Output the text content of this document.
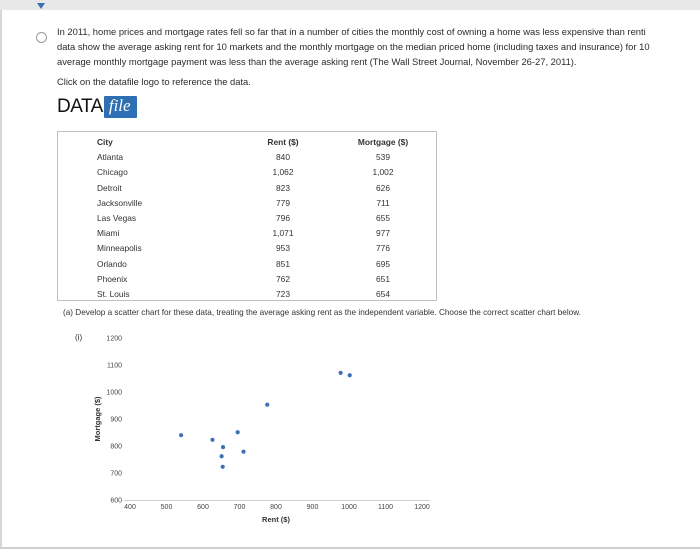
In 2011, home prices and mortgage rates fell so far that in a number of cities the monthly cost of owning a home was less expensive than renti
data show the average asking rent for 10 markets and the monthly mortgage on the median priced home (including taxes and insurance) for 10
average monthly mortgage payment was less than the average asking rent (The Wall Street Journal, November 26-27, 2011).
Click on the datafile logo to reference the data.
DATA file
City	Rent ($)	Mortgage ($)
Atlanta	840	539
Chicago	1,062	1,002
Detroit	823	626
Jacksonville	779	711
Las Vegas	796	655
Miami	1,071	977
Minneapolis	953	776
Orlando	851	695
Phoenix	762	651
St. Louis	723	654
(a) Develop a scatter chart for these data, treating the average asking rent as the independent variable. Choose the correct scatter chart below.
(i)
600
700
800
900
1000
1100
1200
400	500	600	700	800	900	1000	1100	1200
Rent ($)
Mortgage ($)
